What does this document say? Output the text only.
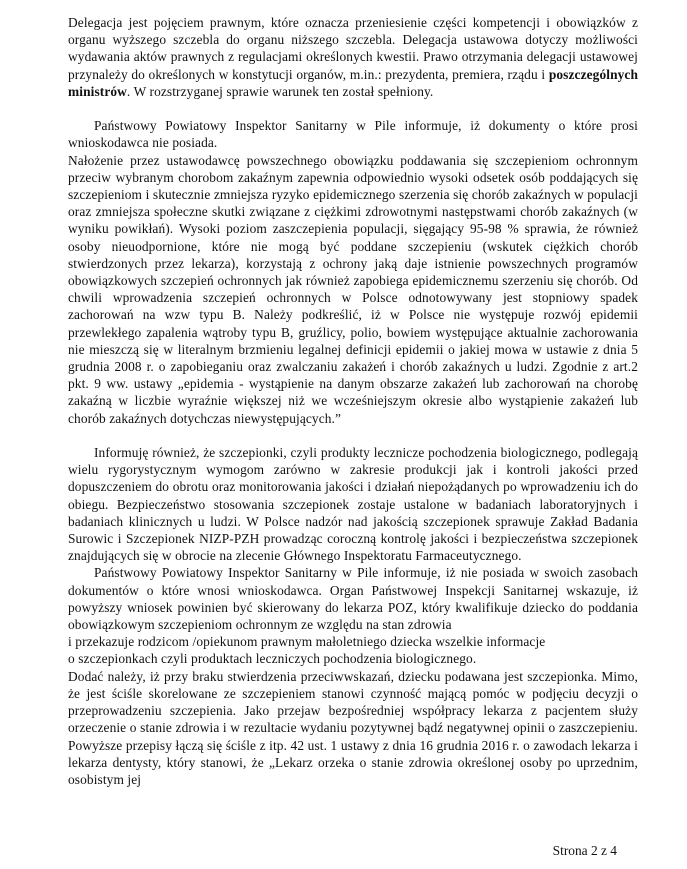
Delegacja jest pojęciem prawnym, które oznacza przeniesienie części kompetencji i obowiązków z organu wyższego szczebla do organu niższego szczebla. Delegacja ustawowa dotyczy możliwości wydawania aktów prawnych z regulacjami określonych kwestii. Prawo otrzymania delegacji ustawowej przynależy do określonych w konstytucji organów, m.in.: prezydenta, premiera, rządu i poszczególnych ministrów. W rozstrzyganej sprawie warunek ten został spełniony.

Państwowy Powiatowy Inspektor Sanitarny w Pile informuje, iż dokumenty o które prosi wnioskodawca nie posiada.

Nałożenie przez ustawodawcę powszechnego obowiązku poddawania się szczepieniom ochronnym przeciw wybranym chorobom zakaźnym zapewnia odpowiednio wysoki odsetek osób poddających się szczepieniom i skutecznie zmniejsza ryzyko epidemicznego szerzenia się chorób zakaźnych w populacji oraz zmniejsza społeczne skutki związane z ciężkimi zdrowotnymi następstwami chorób zakaźnych (w wyniku powikłań). Wysoki poziom zaszczepienia populacji, sięgający 95-98 % sprawia, że również osoby nieuodpornione, które nie mogą być poddane szczepieniu (wskutek ciężkich chorób stwierdzonych przez lekarza), korzystają z ochrony jaką daje istnienie powszechnych programów obowiązkowych szczepień ochronnych jak również zapobiega epidemicznemu szerzeniu się chorób. Od chwili wprowadzenia szczepień ochronnych w Polsce odnotowywany jest stopniowy spadek zachorowań na wzw typu B. Należy podkreślić, iż w Polsce nie występuje rozwój epidemii przewlekłego zapalenia wątroby typu B, gruźlicy, polio, bowiem występujące aktualnie zachorowania nie mieszczą się w literalnym brzmieniu legalnej definicji epidemii o jakiej mowa w ustawie z dnia 5 grudnia 2008 r. o zapobieganiu oraz zwalczaniu zakażeń i chorób zakaźnych u ludzi. Zgodnie z art.2 pkt. 9 ww. ustawy „epidemia - wystąpienie na danym obszarze zakażeń lub zachorowań na chorobę zakaźną w liczbie wyraźnie większej niż we wcześniejszym okresie albo wystąpienie zakażeń lub chorób zakaźnych dotychczas niewystępujących.”

Informuję również, że szczepionki, czyli produkty lecznicze pochodzenia biologicznego, podlegają wielu rygorystycznym wymogom zarówno w zakresie produkcji jak i kontroli jakości przed dopuszczeniem do obrotu oraz monitorowania jakości i działań niepożądanych po wprowadzeniu ich do obiegu. Bezpieczeństwo stosowania szczepionek zostaje ustalone w badaniach laboratoryjnych i badaniach klinicznych u ludzi. W Polsce nadzór nad jakością szczepionek sprawuje Zakład Badania Surowic i Szczepionek NIZP-PZH prowadząc coroczną kontrolę jakości i bezpieczeństwa szczepionek znajdujących się w obrocie na zlecenie Głównego Inspektoratu Farmaceutycznego.

Państwowy Powiatowy Inspektor Sanitarny w Pile informuje, iż nie posiada w swoich zasobach dokumentów o które wnosi wnioskodawca. Organ Państwowej Inspekcji Sanitarnej wskazuje, iż powyższy wniosek powinien być skierowany do lekarza POZ, który kwalifikuje dziecko do poddania obowiązkowym szczepieniom ochronnym ze względu na stan zdrowia
i przekazuje rodzicom /opiekunom prawnym małoletniego dziecka wszelkie informacje
o szczepionkach czyli produktach leczniczych pochodzenia biologicznego.

Dodać należy, iż przy braku stwierdzenia przeciwwskazań, dziecku podawana jest szczepionka. Mimo, że jest ściśle skorelowane ze szczepieniem stanowi czynność mającą pomóc w podjęciu decyzji o przeprowadzeniu szczepienia. Jako przejaw bezpośredniej współpracy lekarza z pacjentem służy orzeczenie o stanie zdrowia i w rezultacie wydaniu pozytywnej bądź negatywnej opinii o zaszczepieniu. Powyższe przepisy łączą się ściśle z itp. 42 ust. 1 ustawy z dnia 16 grudnia 2016 r. o zawodach lekarza i lekarza dentysty, który stanowi, że „Lekarz orzeka o stanie zdrowia określonej osoby po uprzednim, osobistym jej

Strona 2 z 4
